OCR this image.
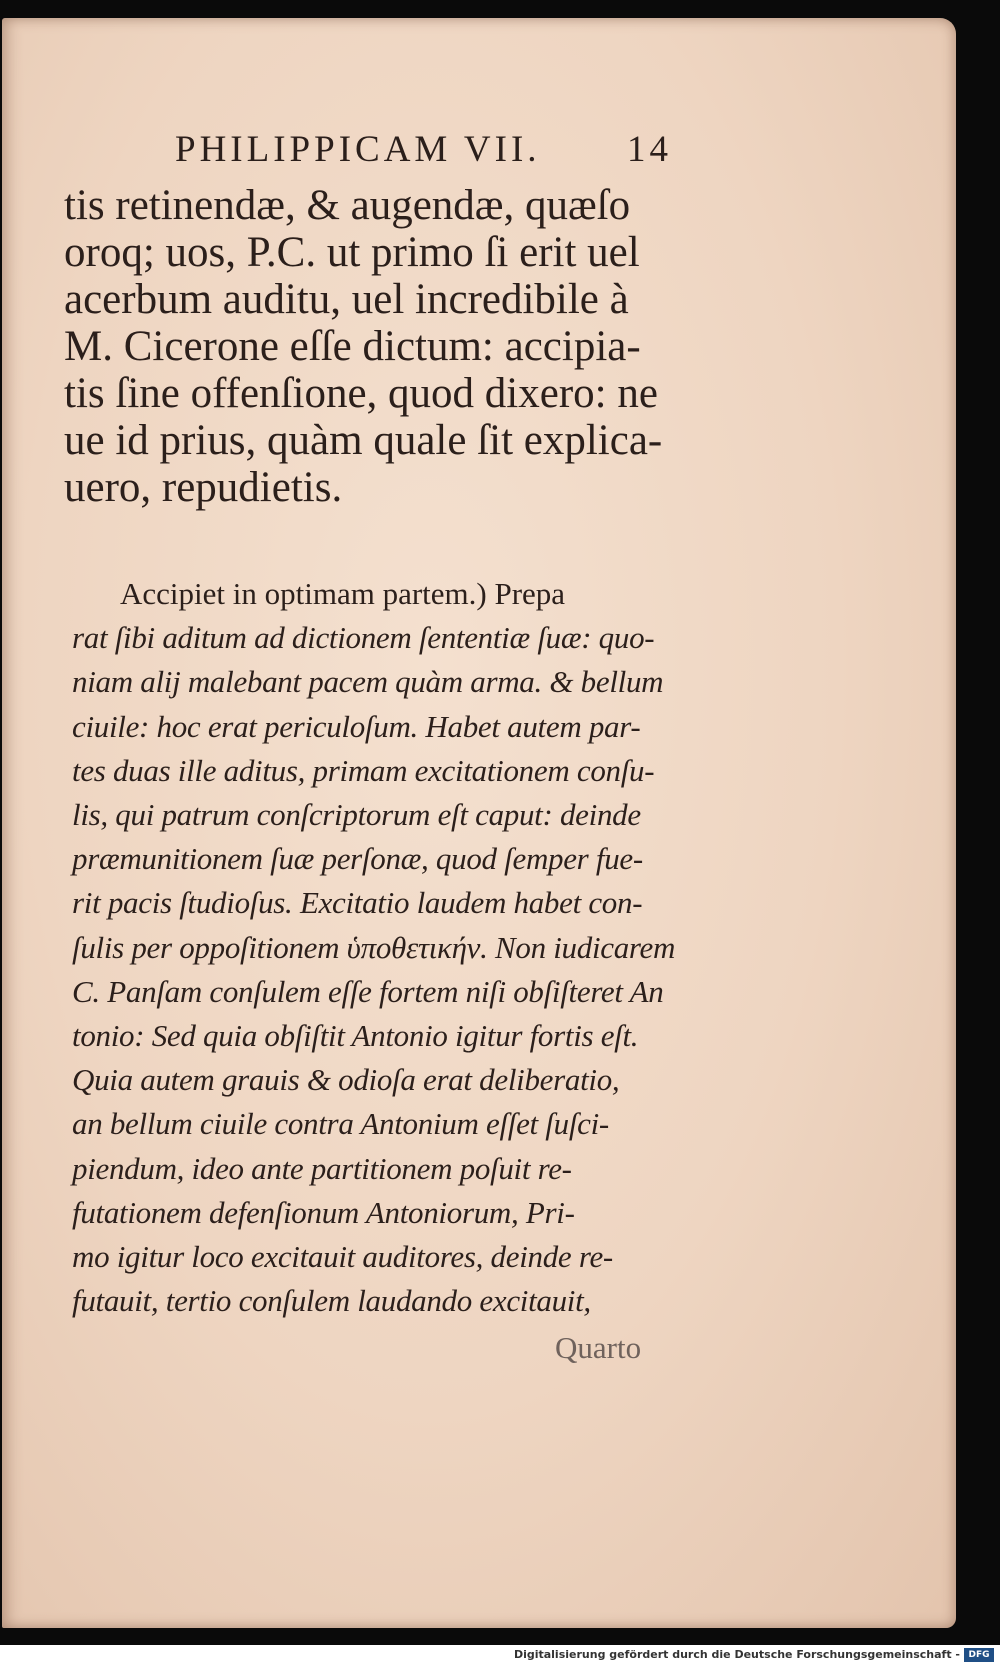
PHILIPPICAM VII. 14
tis retinendæ, & augendæ, quæſo
oroq; uos, P.C. ut primo ſi erit uel
acerbum auditu, uel incredibile à
M. Cicerone eſſe dictum: accipia-
tis ſine offenſione, quod dixero: ne
ue id prius, quàm quale ſit explica-
uero, repudietis.
Accipiet in optimam partem.) Prepa
rat ſibi aditum ad dictionem ſententiæ ſuæ: quo-
niam alij malebant pacem quàm arma. & bellum
ciuile: hoc erat periculoſum. Habet autem par-
tes duas ille aditus, primam excitationem conſu-
lis, qui patrum conſcriptorum eſt caput: deinde
præmunitionem ſuæ perſonæ, quod ſemper fue-
rit pacis ſtudioſus. Excitatio laudem habet con-
ſulis per oppoſitionem ὑποθετικήν. Non iudicarem
C. Panſam conſulem eſſe fortem niſi obſiſteret An
tonio: Sed quia obſiſtit Antonio igitur fortis eſt.
Quia autem grauis & odioſa erat deliberatio,
an bellum ciuile contra Antonium eſſet ſuſci-
piendum, ideo ante partitionem poſuit re-
futationem defenſionum Antoniorum, Pri-
mo igitur loco excitauit auditores, deinde re-
futauit, tertio conſulem laudando excitauit,
Quarto
Digitalisierung gefördert durch die Deutsche Forschungsgemeinschaft - DFG
